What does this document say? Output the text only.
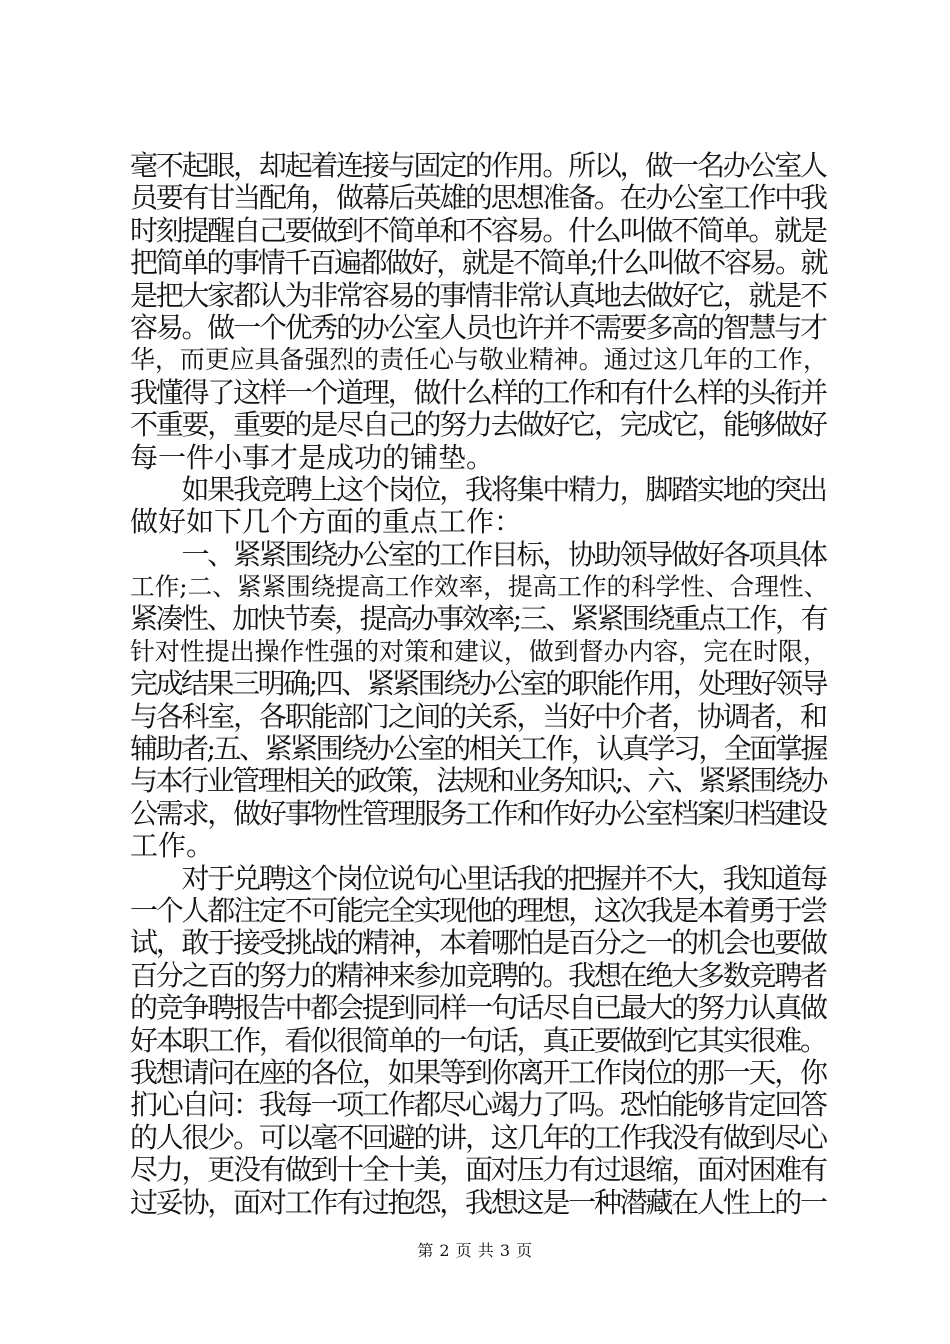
毫不起眼，却起着连接与固定的作用。所以，做一名办公室人
员要有甘当配角，做幕后英雄的思想准备。在办公室工作中我
时刻提醒自己要做到不简单和不容易。什么叫做不简单。就是
把简单的事情千百遍都做好，就是不简单;什么叫做不容易。就
是把大家都认为非常容易的事情非常认真地去做好它，就是不
容易。做一个优秀的办公室人员也许并不需要多高的智慧与才
华，而更应具备强烈的责任心与敬业精神。通过这几年的工作，
我懂得了这样一个道理，做什么样的工作和有什么样的头衔并
不重要，重要的是尽自己的努力去做好它，完成它，能够做好
每一件小事才是成功的铺垫。
　　如果我竞聘上这个岗位，我将集中精力，脚踏实地的突出
做好如下几个方面的重点工作：
　　一、紧紧围绕办公室的工作目标，协助领导做好各项具体
工作;二、紧紧围绕提高工作效率，提高工作的科学性、合理性、
紧凑性、加快节奏，提高办事效率;三、紧紧围绕重点工作，有
针对性提出操作性强的对策和建议，做到督办内容，完在时限，
完成结果三明确;四、紧紧围绕办公室的职能作用，处理好领导
与各科室，各职能部门之间的关系，当好中介者，协调者，和
辅助者;五、紧紧围绕办公室的相关工作，认真学习，全面掌握
与本行业管理相关的政策，法规和业务知识;、六、紧紧围绕办
公需求，做好事物性管理服务工作和作好办公室档案归档建设
工作。
　　对于兑聘这个岗位说句心里话我的把握并不大，我知道每
一个人都注定不可能完全实现他的理想，这次我是本着勇于尝
试，敢于接受挑战的精神，本着哪怕是百分之一的机会也要做
百分之百的努力的精神来参加竞聘的。我想在绝大多数竞聘者
的竞争聘报告中都会提到同样一句话尽自已最大的努力认真做
好本职工作，看似很简单的一句话，真正要做到它其实很难。
我想请问在座的各位，如果等到你离开工作岗位的那一天，你
扪心自问：我每一项工作都尽心竭力了吗。恐怕能够肯定回答
的人很少。可以毫不回避的讲，这几年的工作我没有做到尽心
尽力，更没有做到十全十美，面对压力有过退缩，面对困难有
过妥协，面对工作有过抱怨，我想这是一种潜藏在人性上的一
第 2 页 共 3 页
